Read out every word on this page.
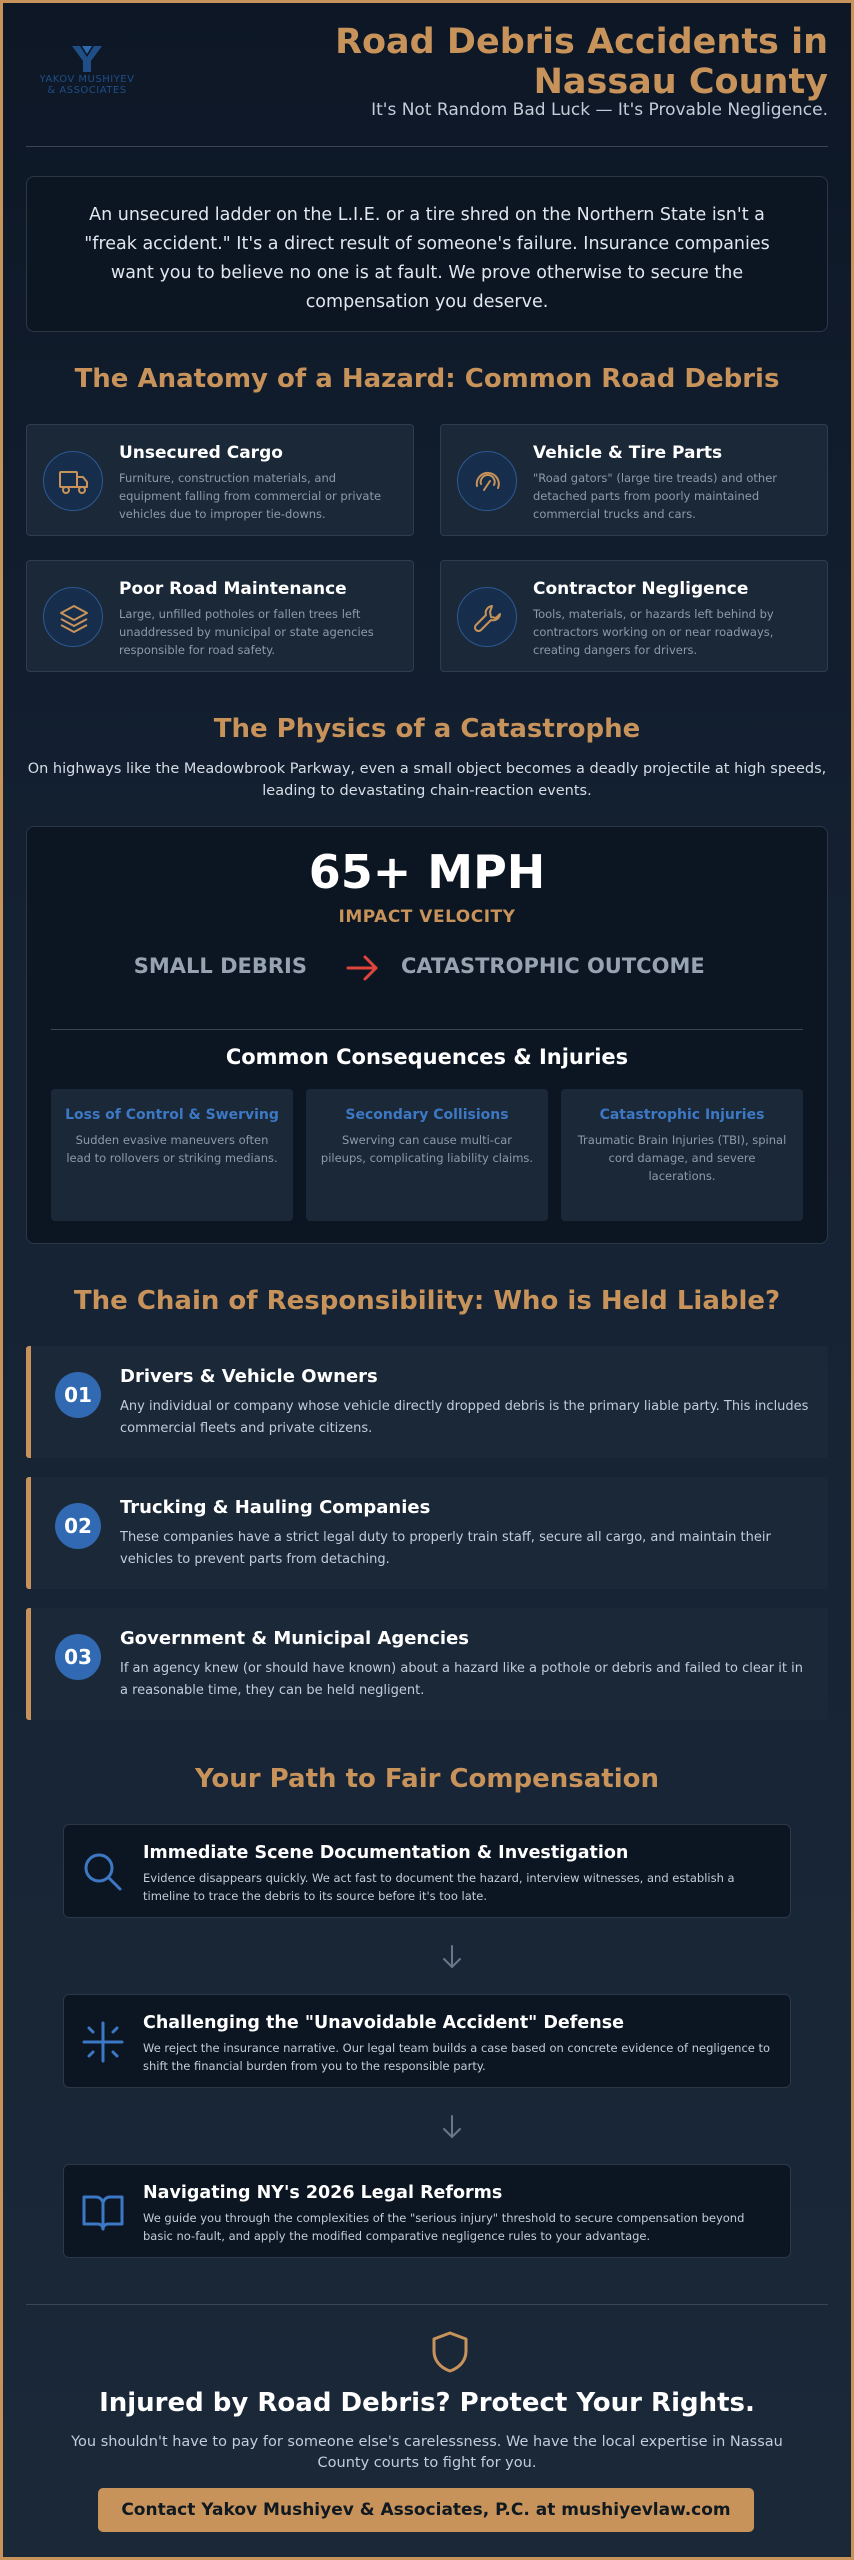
YAKOV MUSHIYEV
& ASSOCIATES
Road Debris Accidents in Nassau County
It's Not Random Bad Luck — It's Provable Negligence.
An unsecured ladder on the L.I.E. or a tire shred on the Northern State isn't a "freak accident." It's a direct result of someone's failure. Insurance companies want you to believe no one is at fault. We prove otherwise to secure the compensation you deserve.
The Anatomy of a Hazard: Common Road Debris
Unsecured Cargo
Furniture, construction materials, and equipment falling from commercial or private vehicles due to improper tie-downs.
Vehicle & Tire Parts
"Road gators" (large tire treads) and other detached parts from poorly maintained commercial trucks and cars.
Poor Road Maintenance
Large, unfilled potholes or fallen trees left unaddressed by municipal or state agencies responsible for road safety.
Contractor Negligence
Tools, materials, or hazards left behind by contractors working on or near roadways, creating dangers for drivers.
The Physics of a Catastrophe
On highways like the Meadowbrook Parkway, even a small object becomes a deadly projectile at high speeds, leading to devastating chain-reaction events.
65+ MPH
IMPACT VELOCITY
SMALL DEBRIS	CATASTROPHIC OUTCOME
Common Consequences & Injuries
Loss of Control & Swerving
Sudden evasive maneuvers often lead to rollovers or striking medians.
Secondary Collisions
Swerving can cause multi-car pileups, complicating liability claims.
Catastrophic Injuries
Traumatic Brain Injuries (TBI), spinal cord damage, and severe lacerations.
The Chain of Responsibility: Who is Held Liable?
01
Drivers & Vehicle Owners
Any individual or company whose vehicle directly dropped debris is the primary liable party. This includes commercial fleets and private citizens.
02
Trucking & Hauling Companies
These companies have a strict legal duty to properly train staff, secure all cargo, and maintain their vehicles to prevent parts from detaching.
03
Government & Municipal Agencies
If an agency knew (or should have known) about a hazard like a pothole or debris and failed to clear it in a reasonable time, they can be held negligent.
Your Path to Fair Compensation
Immediate Scene Documentation & Investigation
Evidence disappears quickly. We act fast to document the hazard, interview witnesses, and establish a timeline to trace the debris to its source before it's too late.
Challenging the "Unavoidable Accident" Defense
We reject the insurance narrative. Our legal team builds a case based on concrete evidence of negligence to shift the financial burden from you to the responsible party.
Navigating NY's 2026 Legal Reforms
We guide you through the complexities of the "serious injury" threshold to secure compensation beyond basic no-fault, and apply the modified comparative negligence rules to your advantage.
Injured by Road Debris? Protect Your Rights.
You shouldn't have to pay for someone else's carelessness. We have the local expertise in Nassau County courts to fight for you.
Contact Yakov Mushiyev & Associates, P.C. at mushiyevlaw.com
